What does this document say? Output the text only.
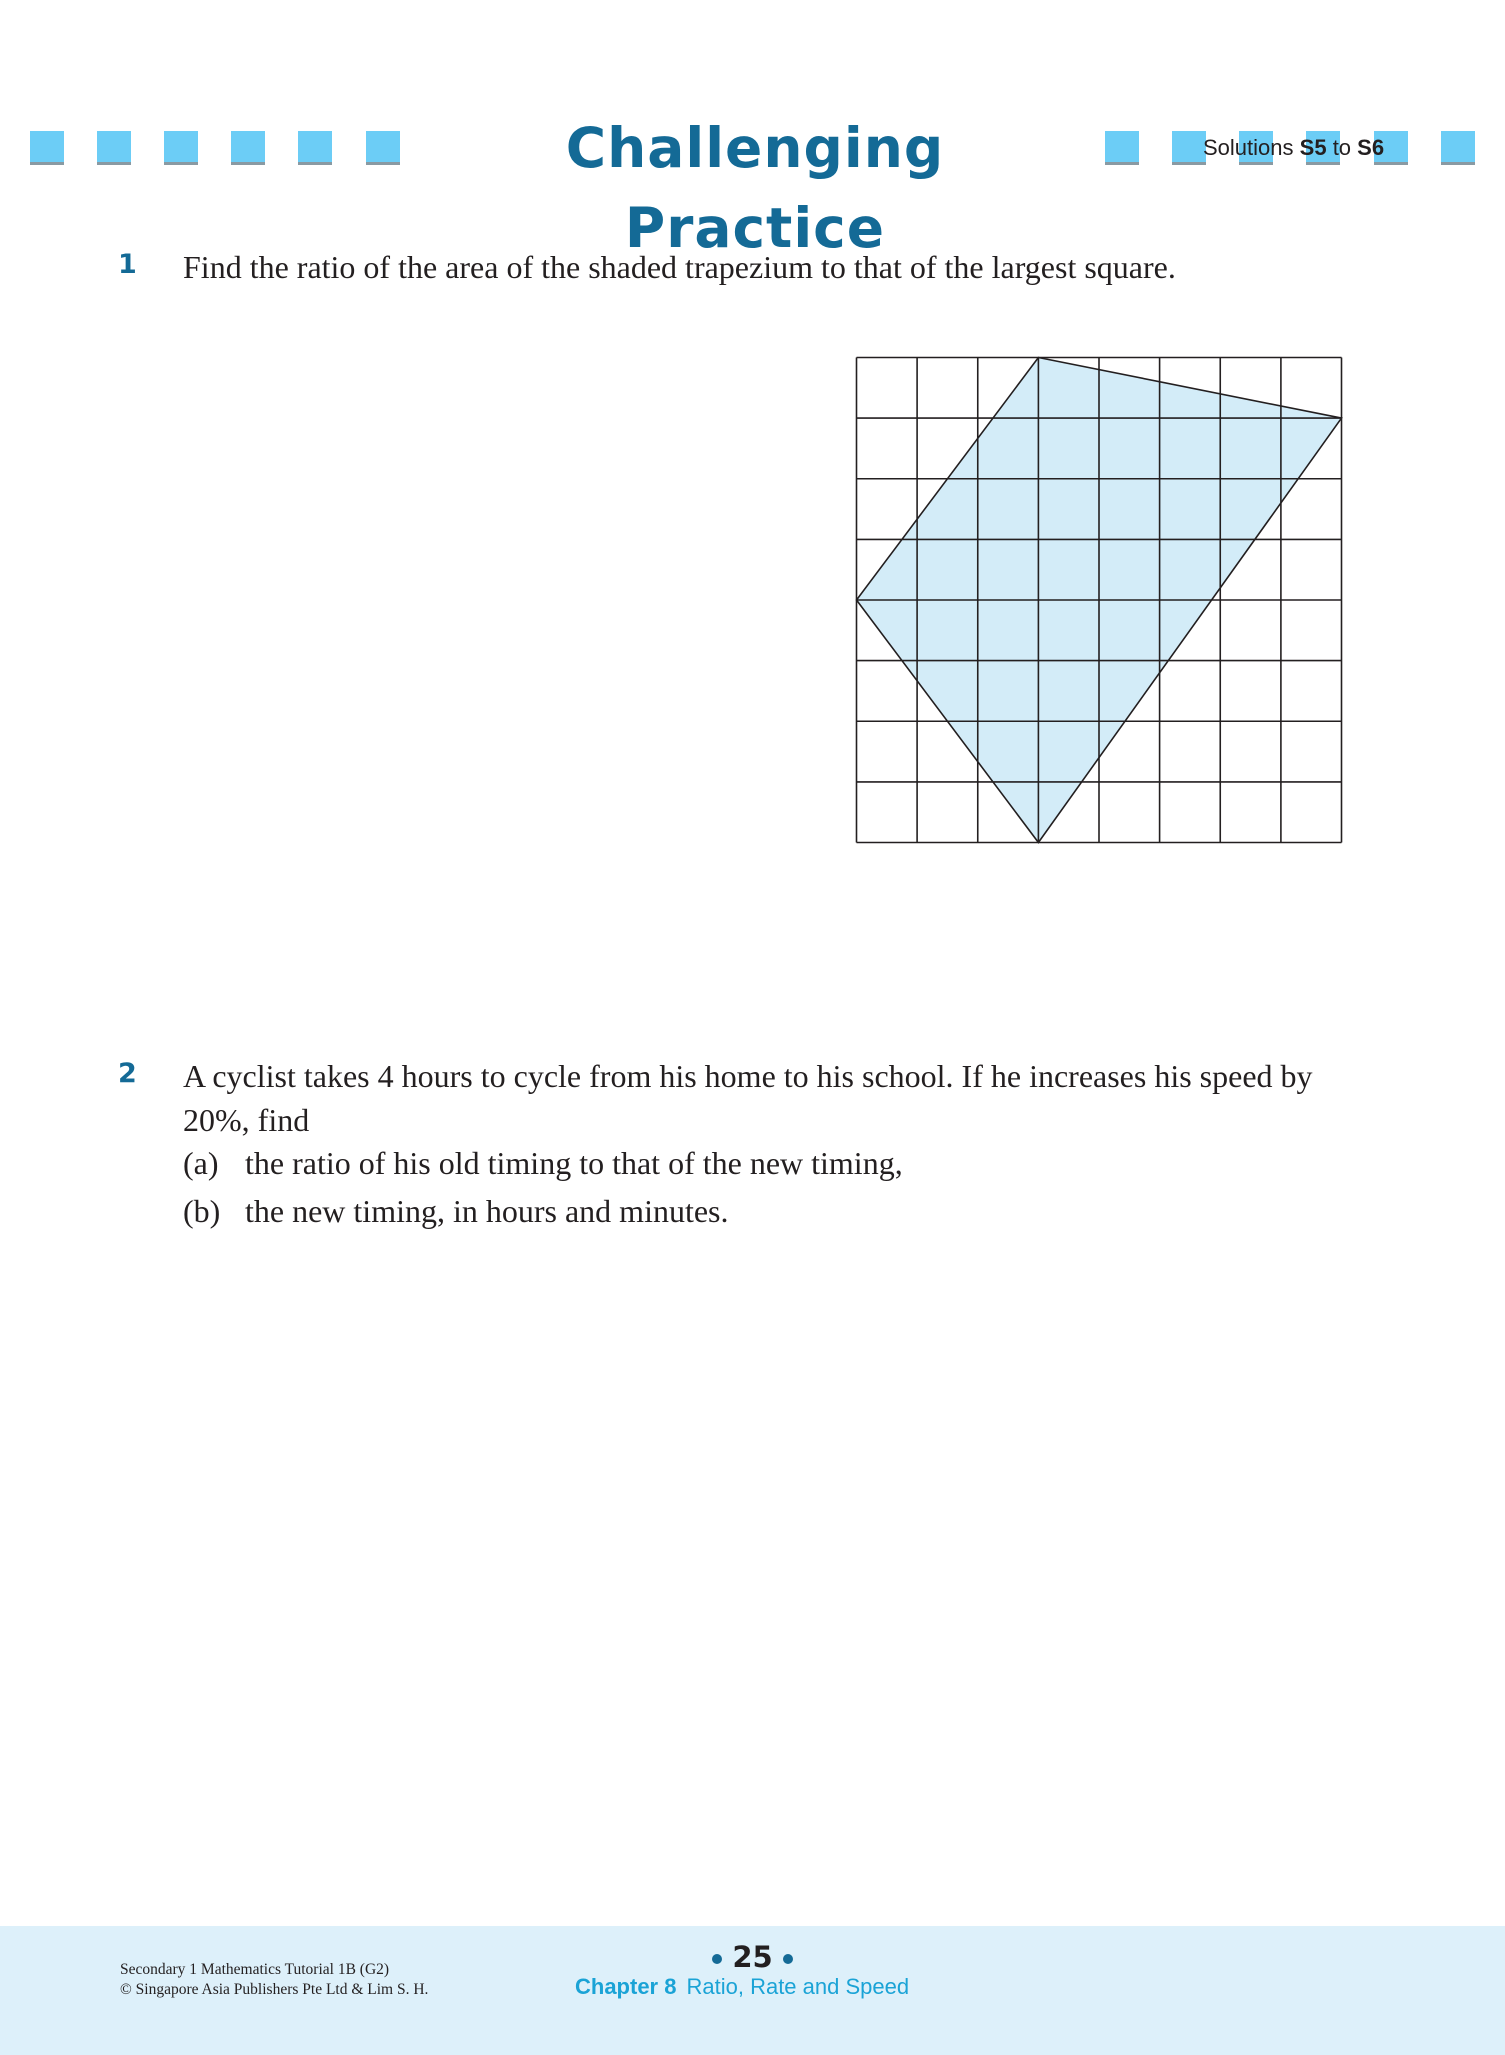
Challenging Practice
Solutions S5 to S6
1 Find the ratio of the area of the shaded trapezium to that of the largest square.
2 A cyclist takes 4 hours to cycle from his home to his school. If he increases his speed by
20%, find
(a) the ratio of his old timing to that of the new timing,
(b) the new timing, in hours and minutes.
Secondary 1 Mathematics Tutorial 1B (G2)
© Singapore Asia Publishers Pte Ltd & Lim S. H.
25
Chapter 8 Ratio, Rate and Speed
